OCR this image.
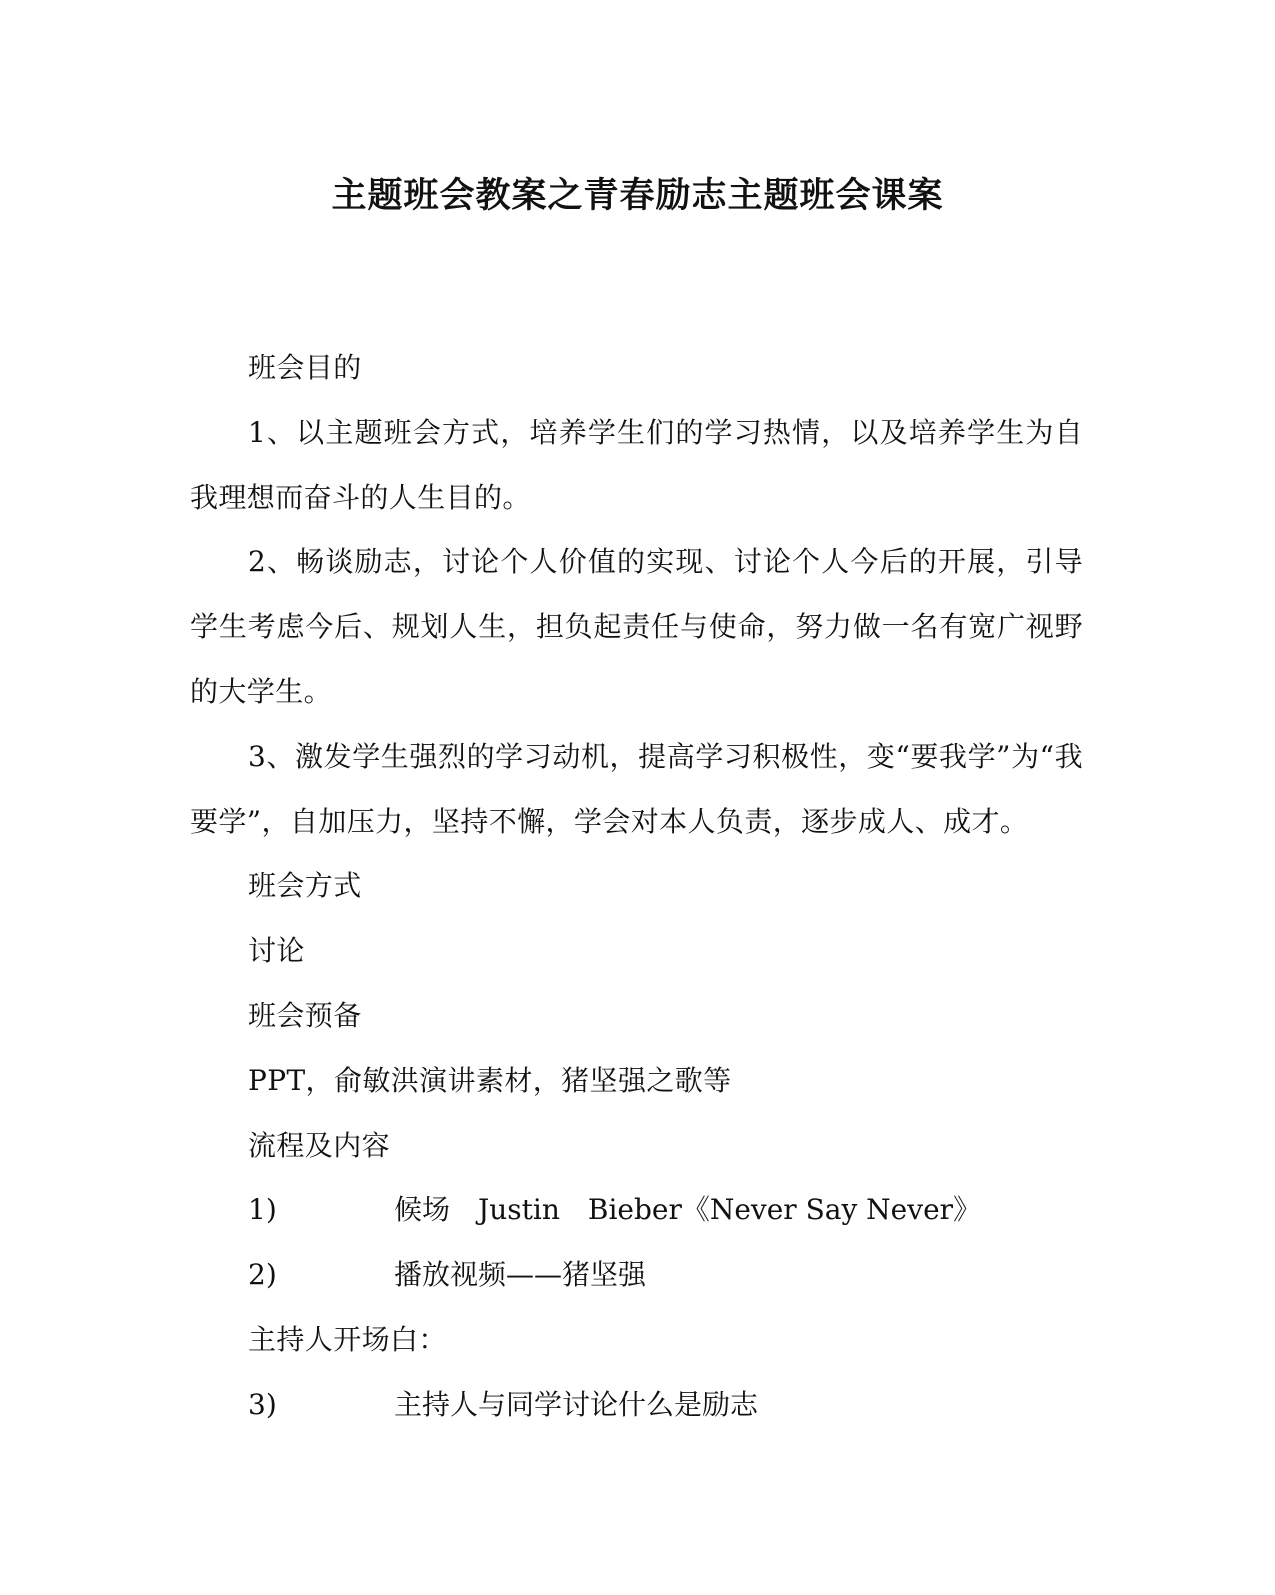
主题班会教案之青春励志主题班会课案

班会目的

1、以主题班会方式，培养学生们的学习热情，以及培养学生为自我理想而奋斗的人生目的。

2、畅谈励志，讨论个人价值的实现、讨论个人今后的开展，引导学生考虑今后、规划人生，担负起责任与使命，努力做一名有宽广视野的大学生。

3、激发学生强烈的学习动机，提高学习积极性，变“要我学”为“我要学”，自加压力，坚持不懈，学会对本人负责，逐步成人、成才。

班会方式

讨论

班会预备

PPT，俞敏洪演讲素材，猪坚强之歌等

流程及内容

1)	候场　Justin　Bieber《Never Say Never》

2)	播放视频——猪坚强

主持人开场白：

3)	主持人与同学讨论什么是励志
